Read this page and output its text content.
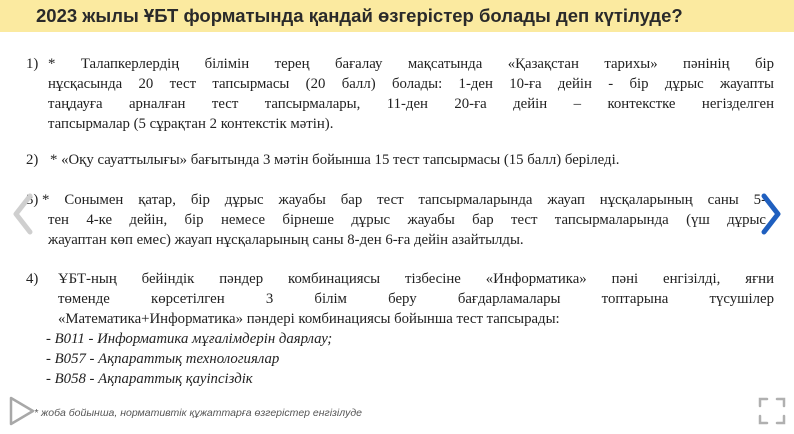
2023 жылы ҰБТ форматында қандай өзгерістер болады деп күтілуде?
1) * Талапкерлердің білімін терең бағалау мақсатында «Қазақстан тарихы» пәнінің бір
нұсқасында 20 тест тапсырмасы (20 балл) болады: 1-ден 10-ға дейін - бір дұрыс жауапты
таңдауға арналған тест тапсырмалары, 11-ден 20-ға дейін – контекстке негізделген
тапсырмалар (5 сұрақтан 2 контекстік мәтін).
2) * «Оқу сауаттылығы» бағытында 3 мәтін бойынша 15 тест тапсырмасы (15 балл) беріледі.
3) * Сонымен қатар, бір дұрыс жауабы бар тест тапсырмаларында жауап нұсқаларының саны 5-
тен 4-ке дейін, бір немесе бірнеше дұрыс жауабы бар тест тапсырмаларында (үш дұрыс
жауаптан көп емес) жауап нұсқаларының саны 8-ден 6-ға дейін азайтылды.
4) ҰБТ-ның бейіндік пәндер комбинациясы тізбесіне «Информатика» пәні енгізілді, яғни
төменде көрсетілген 3 білім беру бағдарламалары топтарына түсушілер
«Математика+Информатика» пәндері комбинациясы бойынша тест тапсырады:
- В011 - Информатика мұғалімдерін даярлау;
- В057 - Ақпараттық технологиялар
- В058 - Ақпараттық қауіпсіздік
* жоба бойынша, нормативтік құжаттарға өзгерістер енгізілуде
